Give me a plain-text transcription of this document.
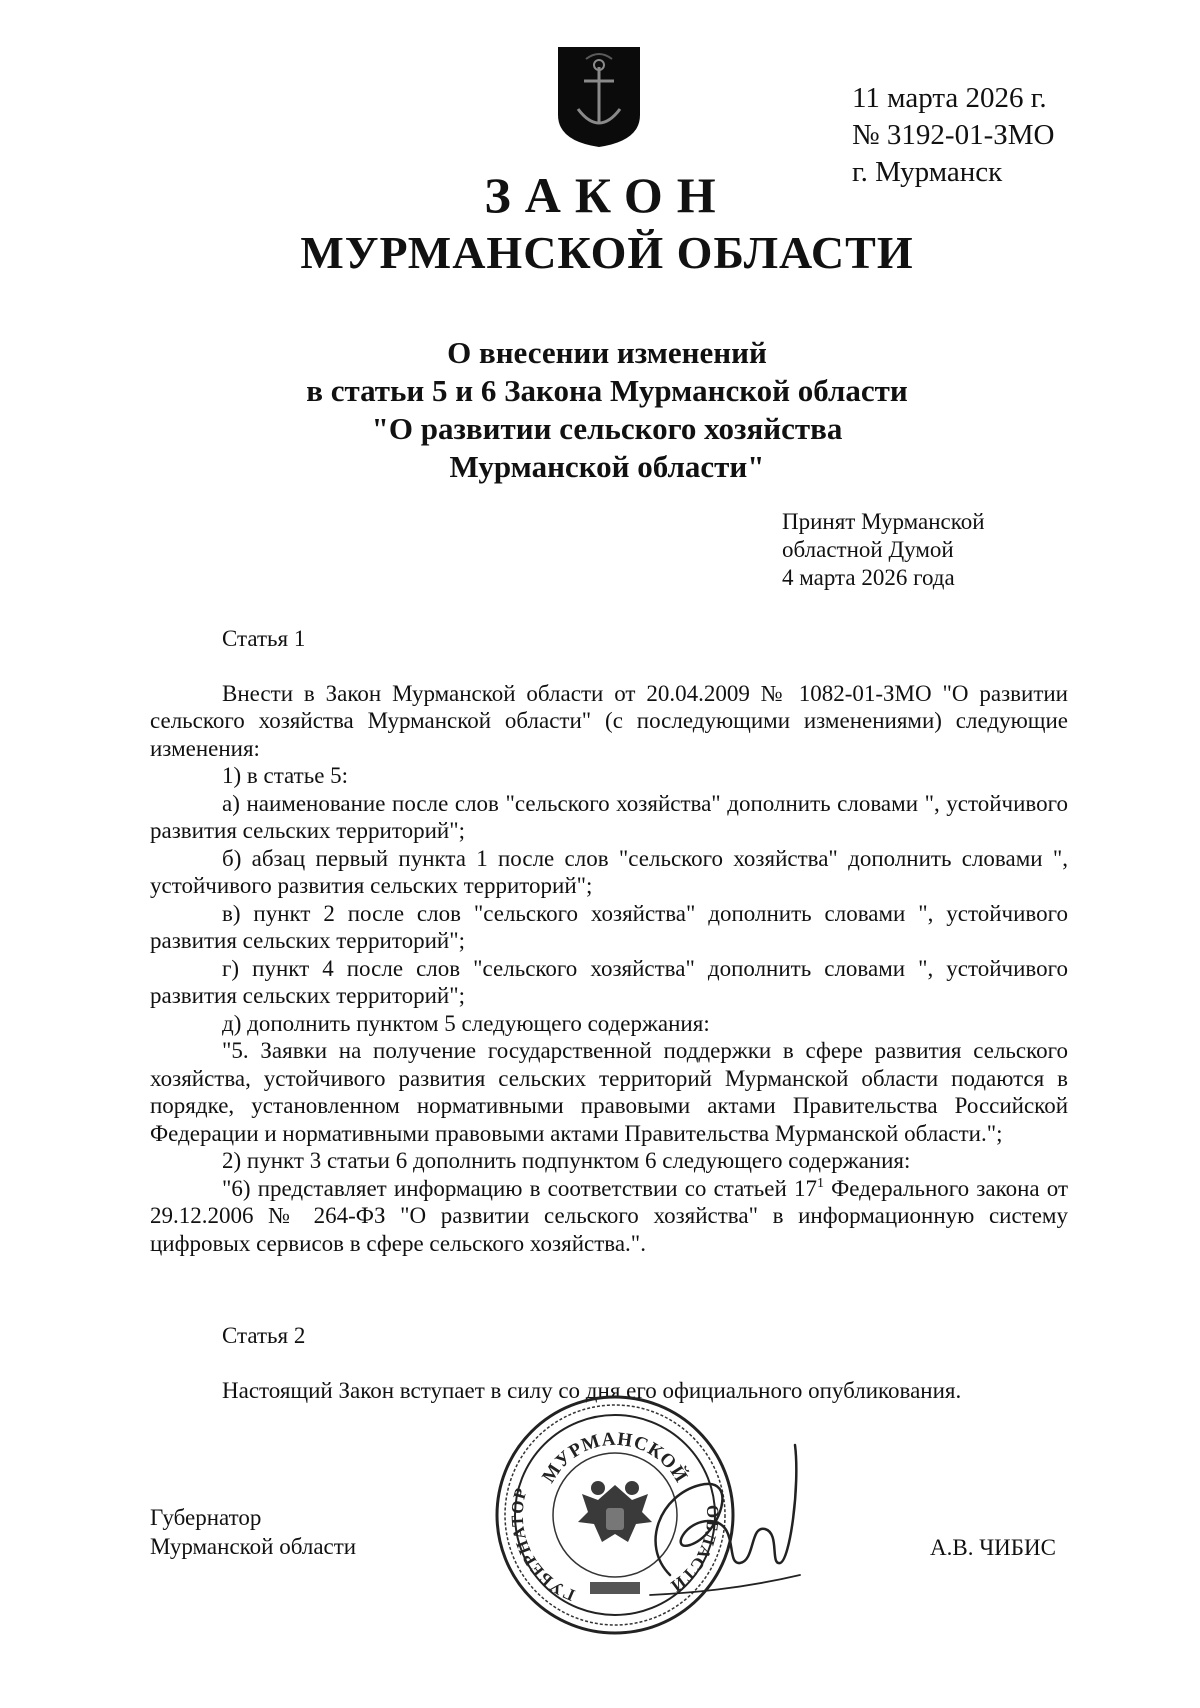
11 марта 2026 г.
№ 3192-01-ЗМО
г. Мурманск
ЗАКОН
МУРМАНСКОЙ ОБЛАСТИ
О внесении изменений
в статьи 5 и 6 Закона Мурманской области
"О развитии сельского хозяйства
Мурманской области"
Принят Мурманской
областной Думой
4 марта 2026 года
Статья 1

Внести в Закон Мурманской области от 20.04.2009 № 1082-01-ЗМО "О развитии сельского хозяйства Мурманской области" (с последующими изменениями) следующие изменения:

1) в статье 5:

а) наименование после слов "сельского хозяйства" дополнить словами ", устойчивого развития сельских территорий";

б) абзац первый пункта 1 после слов "сельского хозяйства" дополнить словами ", устойчивого развития сельских территорий";

в) пункт 2 после слов "сельского хозяйства" дополнить словами ", устойчивого развития сельских территорий";

г) пункт 4 после слов "сельского хозяйства" дополнить словами ", устойчивого развития сельских территорий";

д) дополнить пунктом 5 следующего содержания:

"5. Заявки на получение государственной поддержки в сфере развития сельского хозяйства, устойчивого развития сельских территорий Мурманской области подаются в порядке, установленном нормативными правовыми актами Правительства Российской Федерации и нормативными правовыми актами Правительства Мурманской области.";

2) пункт 3 статьи 6 дополнить подпунктом 6 следующего содержания:

"6) представляет информацию в соответствии со статьей $17^1$ Федерального закона от 29.12.2006 № 264-ФЗ "О развитии сельского хозяйства" в информационную систему цифровых сервисов в сфере сельского хозяйства.".

Статья 2

Настоящий Закон вступает в силу со дня его официального опубликования.

Губернатор
Мурманской области	А.В. ЧИБИС
МУРМАНСКОЙ
ГУБЕРНАТОР
ОБЛАСТИ
